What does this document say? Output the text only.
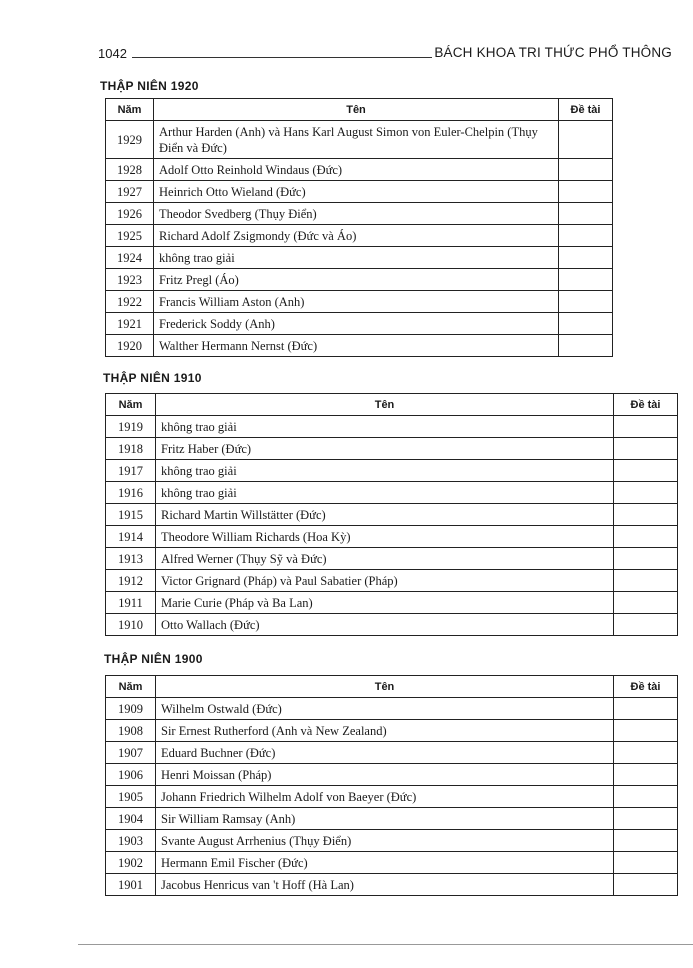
1042	BÁCH KHOA TRI THỨC PHỔ THÔNG
THẬP NIÊN 1920
Năm	Tên	Đề tài
1929	Arthur Harden (Anh) và Hans Karl August Simon von Euler-Chelpin (Thụy Điển và Đức)	
1928	Adolf Otto Reinhold Windaus (Đức)	
1927	Heinrich Otto Wieland (Đức)	
1926	Theodor Svedberg (Thụy Điển)	
1925	Richard Adolf Zsigmondy (Đức và Áo)	
1924	không trao giải	
1923	Fritz Pregl (Áo)	
1922	Francis William Aston (Anh)	
1921	Frederick Soddy (Anh)	
1920	Walther Hermann Nernst (Đức)	
THẬP NIÊN 1910
Năm	Tên	Đề tài
1919	không trao giải	
1918	Fritz Haber (Đức)	
1917	không trao giải	
1916	không trao giải	
1915	Richard Martin Willstätter (Đức)	
1914	Theodore William Richards (Hoa Kỳ)	
1913	Alfred Werner (Thụy Sỹ và Đức)	
1912	Victor Grignard (Pháp) và Paul Sabatier (Pháp)	
1911	Marie Curie (Pháp và Ba Lan)	
1910	Otto Wallach (Đức)	
THẬP NIÊN 1900
Năm	Tên	Đề tài
1909	Wilhelm Ostwald (Đức)	
1908	Sir Ernest Rutherford (Anh và New Zealand)	
1907	Eduard Buchner (Đức)	
1906	Henri Moissan (Pháp)	
1905	Johann Friedrich Wilhelm Adolf von Baeyer (Đức)	
1904	Sir William Ramsay (Anh)	
1903	Svante August Arrhenius (Thụy Điển)	
1902	Hermann Emil Fischer (Đức)	
1901	Jacobus Henricus van 't Hoff (Hà Lan)	
